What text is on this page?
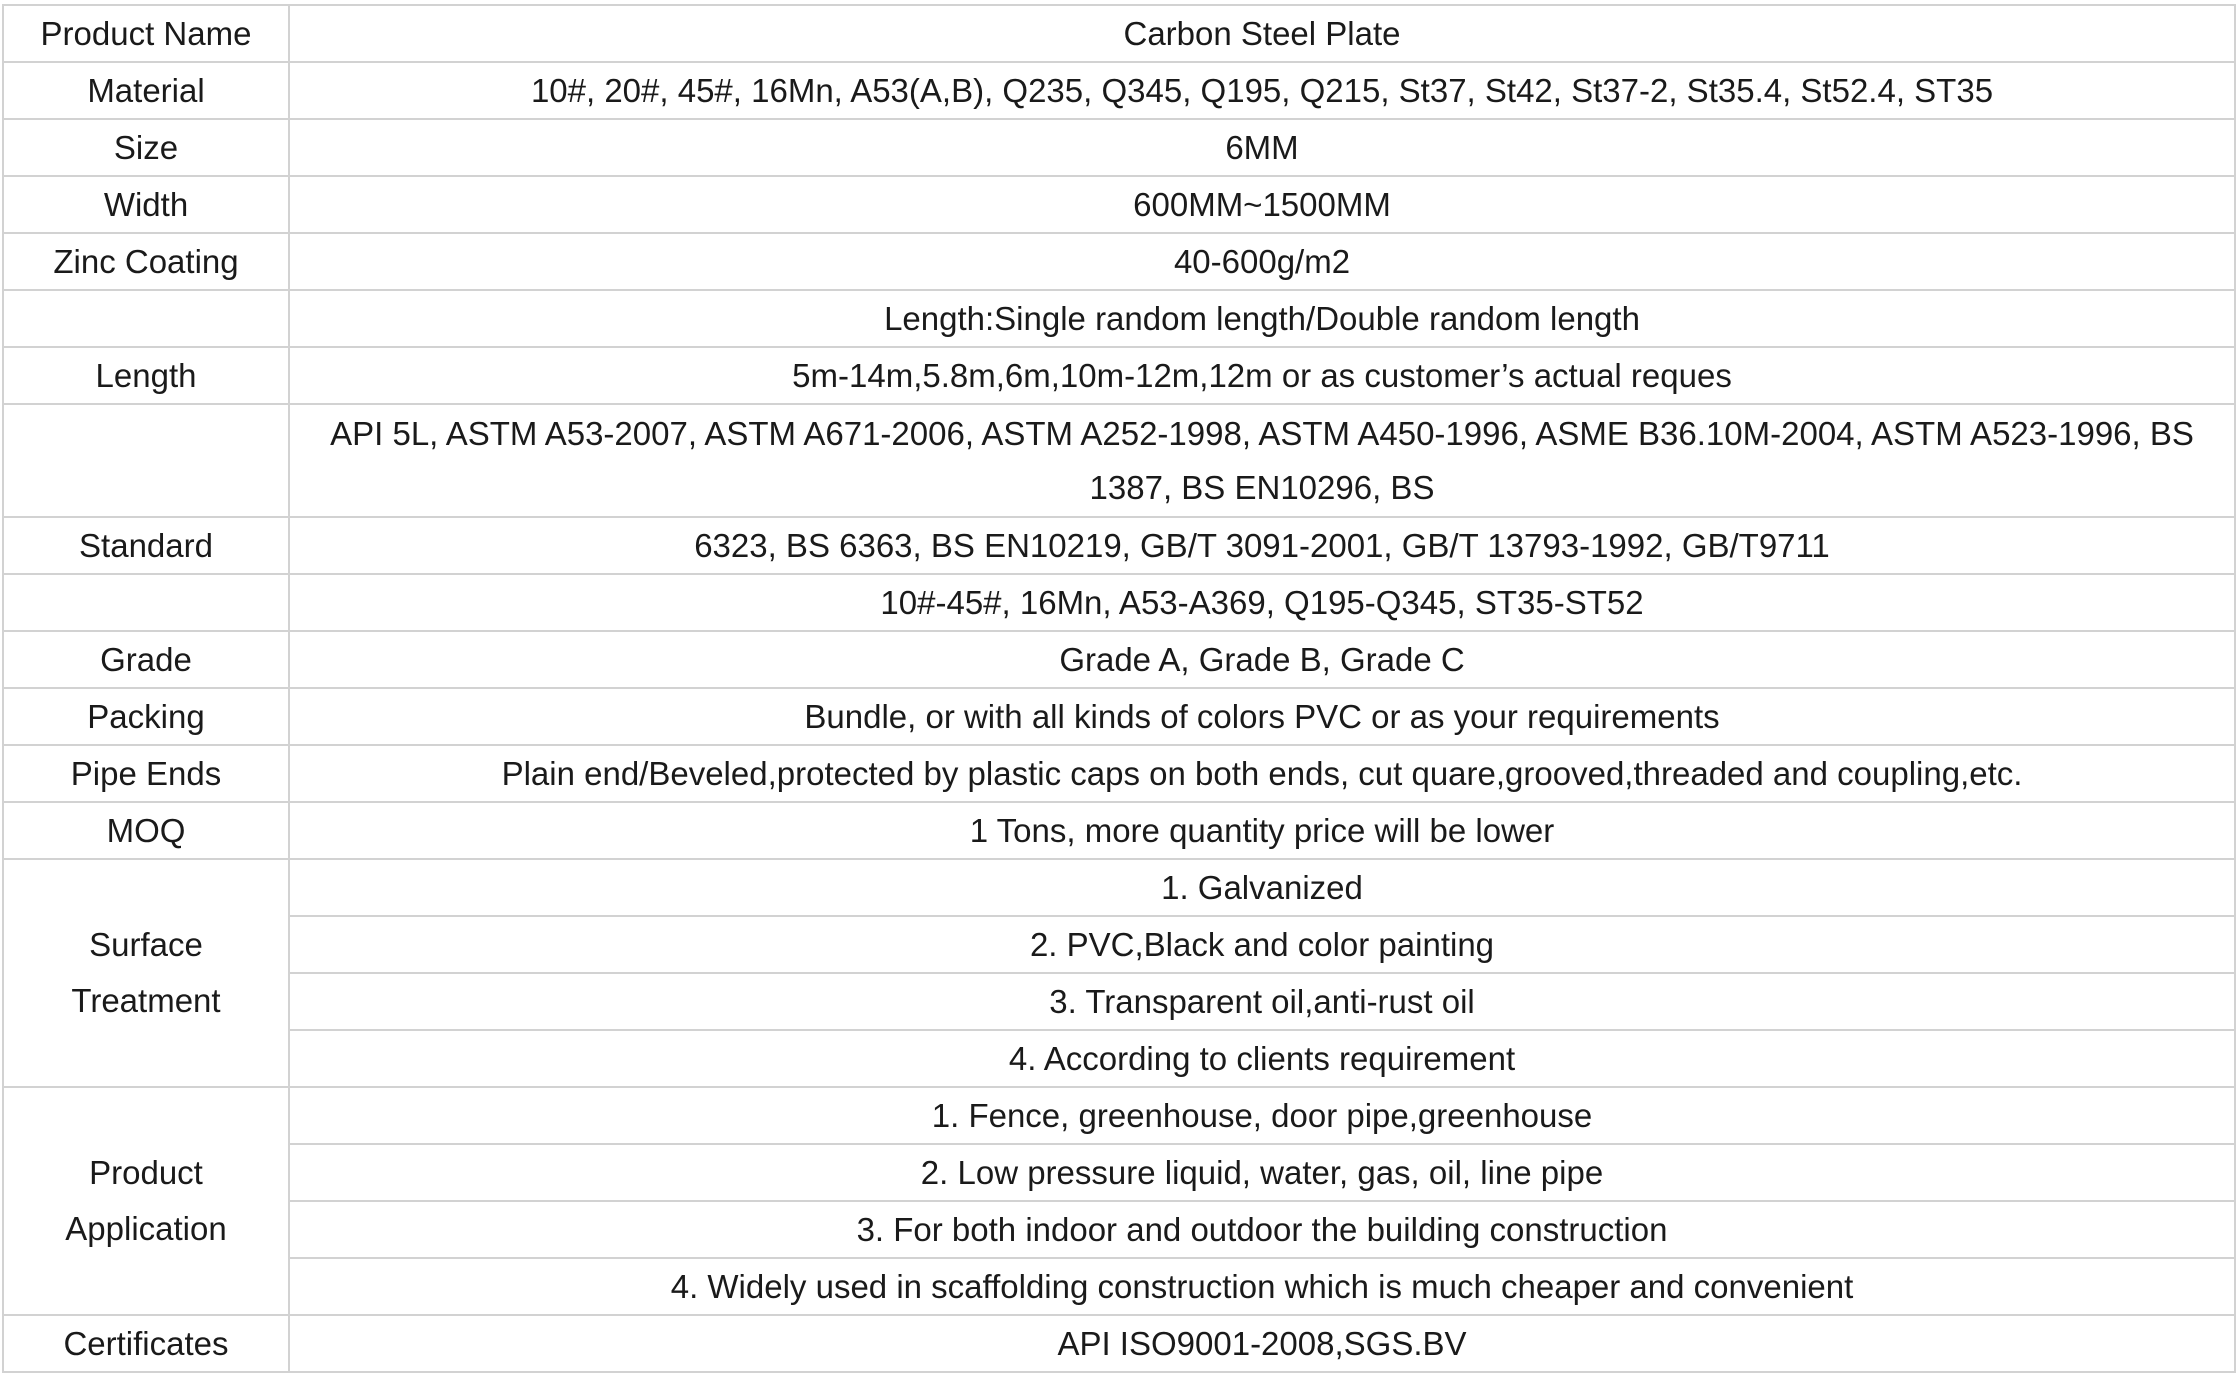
Product Name	Carbon Steel Plate
Material	10#, 20#, 45#, 16Mn, A53(A,B), Q235, Q345, Q195, Q215, St37, St42, St37-2, St35.4, St52.4, ST35
Size	6MM
Width	600MM~1500MM
Zinc Coating	40-600g/m2
	Length:Single random length/Double random length
Length	5m-14m,5.8m,6m,10m-12m,12m or as customer’s actual reques
	API 5L, ASTM A53-2007, ASTM A671-2006, ASTM A252-1998, ASTM A450-1996, ASME B36.10M-2004, ASTM A523-1996, BS 1387, BS EN10296, BS
Standard	6323, BS 6363, BS EN10219, GB/T 3091-2001, GB/T 13793-1992, GB/T9711
	10#-45#, 16Mn, A53-A369, Q195-Q345, ST35-ST52
Grade	Grade A, Grade B, Grade C
Packing	Bundle, or with all kinds of colors PVC or as your requirements
Pipe Ends	Plain end/Beveled,protected by plastic caps on both ends, cut quare,grooved,threaded and coupling,etc.
MOQ	1 Tons, more quantity price will be lower

Surface
Treatment	1. Galvanized
	2. PVC,Black and color painting
	3. Transparent oil,anti-rust oil
	4. According to clients requirement

Product
Application	1. Fence, greenhouse, door pipe,greenhouse
	2. Low pressure liquid, water, gas, oil, line pipe
	3. For both indoor and outdoor the building construction
	4. Widely used in scaffolding construction which is much cheaper and convenient
Certificates	API ISO9001-2008,SGS.BV
